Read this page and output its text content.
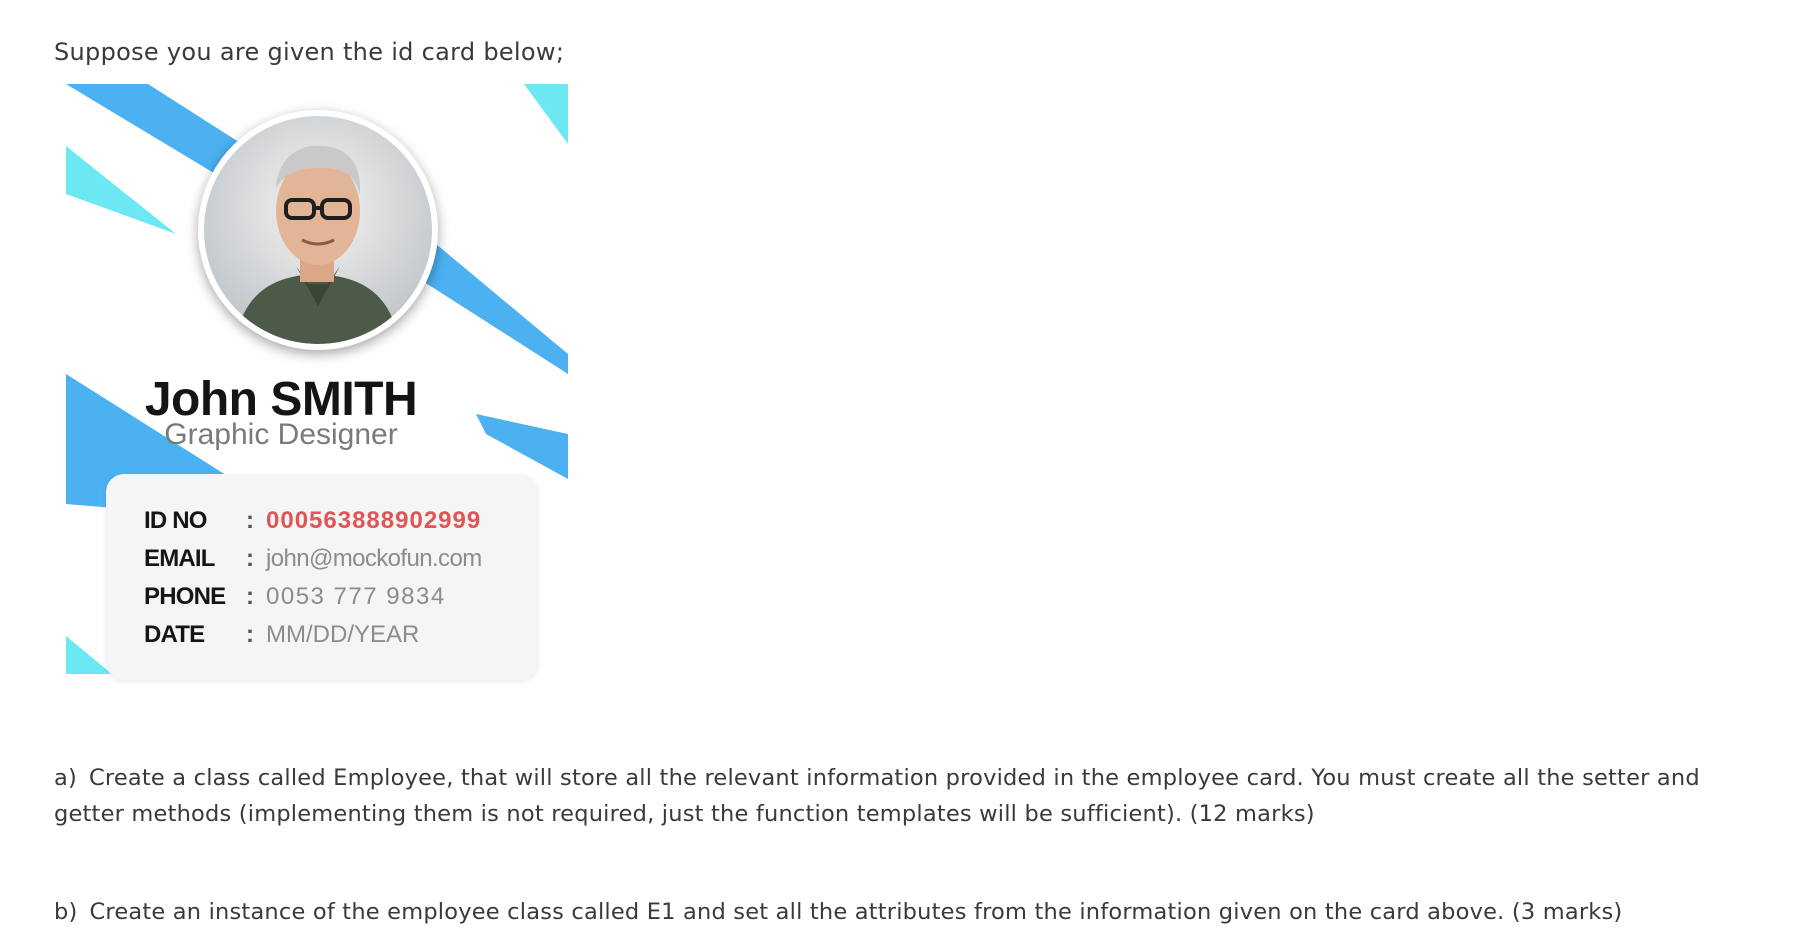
Suppose you are given the id card below;

John SMITH
Graphic Designer
ID NO : 000563888902999
EMAIL : john@mockofun.com
PHONE : 0053 777 9834
DATE : MM/DD/YEAR

a) Create a class called Employee, that will store all the relevant information provided in the employee card. You must create all the setter and getter methods (implementing them is not required, just the function templates will be sufficient). (12 marks)

b) Create an instance of the employee class called E1 and set all the attributes from the information given on the card above. (3 marks)
